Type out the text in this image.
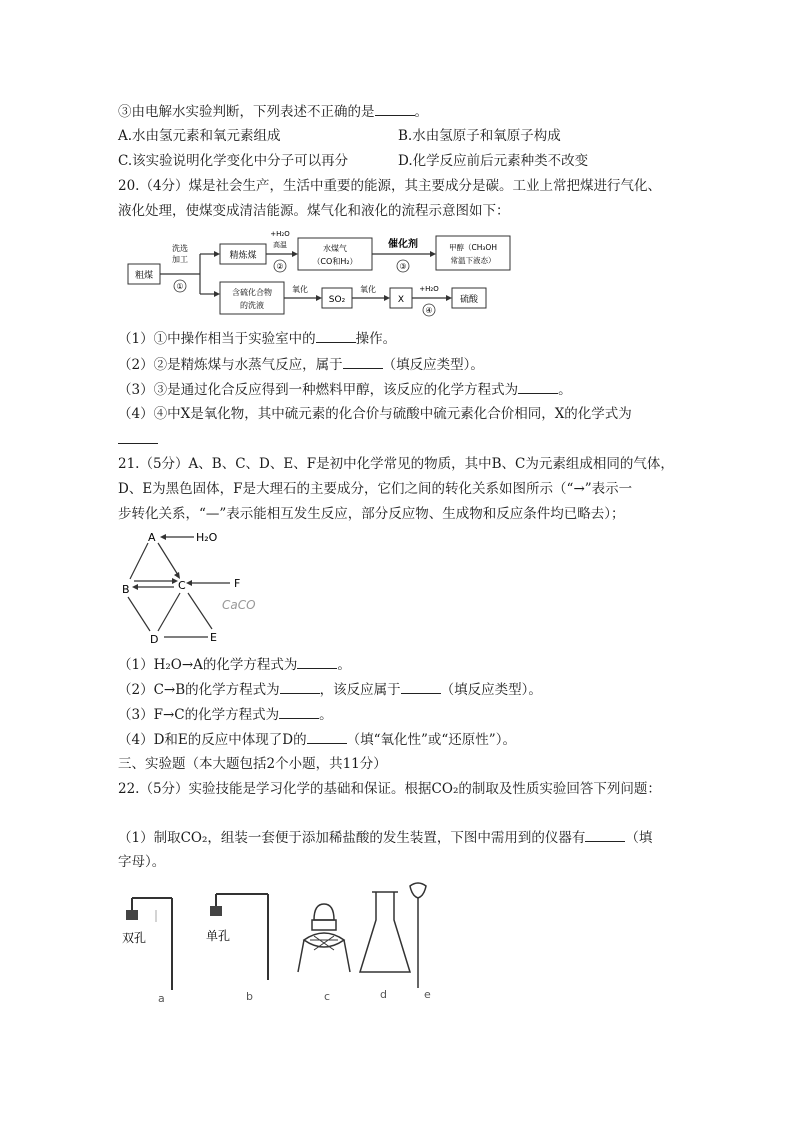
③由电解水实验判断，下列表述不正确的是	。
A.水由氢元素和氧元素组成	B.水由氢原子和氧原子构成
C.该实验说明化学变化中分子可以再分	D.化学反应前后元素种类不改变
20.（4分）煤是社会生产，生活中重要的能源，其主要成分是碳。工业上常把煤进行气化、
液化处理，使煤变成清洁能源。煤气化和液化的流程示意图如下：
粗煤
洗选
加工
①
精炼煤
+H₂O
高温
②
水煤气
（CO和H₂）
催化剂
③
甲醇（CH₃OH
常温下液态）
含硫化合物
的洗液
氧化
SO₂
氧化
X
+H₂O
④
硫酸
（1）①中操作相当于实验室中的	操作。
（2）②是精炼煤与水蒸气反应，属于	（填反应类型）。
（3）③是通过化合反应得到一种燃料甲醇，该反应的化学方程式为	。
（4）④中X是氧化物，其中硫元素的化合价与硫酸中硫元素化合价相同，X的化学式为
21.（5分）A、B、C、D、E、F是初中化学常见的物质，其中B、C为元素组成相同的气体，
D、E为黑色固体，F是大理石的主要成分，它们之间的转化关系如图所示（“→”表示一
步转化关系，“—”表示能相互发生反应，部分反应物、生成物和反应条件均已略去）；
A	H₂O
B	C	F
D	E
CaCO
（1）H₂O→A的化学方程式为	。
（2）C→B的化学方程式为	，该反应属于	（填反应类型）。
（3）F→C的化学方程式为	。
（4）D和E的反应中体现了D的	（填“氧化性”或“还原性”）。
三、实验题（本大题包括2个小题，共11分）
22.（5分）实验技能是学习化学的基础和保证。根据CO₂的制取及性质实验回答下列问题：
（1）制取CO₂，组装一套便于添加稀盐酸的发生装置，下图中需用到的仪器有	（填
字母）。
双孔
a
单孔
b	c	d	e
